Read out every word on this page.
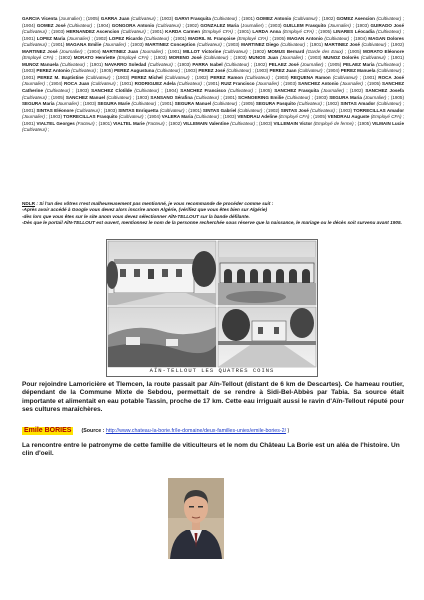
GARCIA Vicenta (Journalier) ; (1905) GARRA Juan (Cultivateur) ; (1903) GARVI Frasquita (Cultivateur) ; (1901) GOMEZ Antonio (Cultivateur) ; (1902) GOMEZ Asencion (Cultivateur) ; (1904) GOMEZ José (Cultivateur) ; (1904) GONGORA Antonio (Cultivateur) ; (1902) GONZALEZ Maria (Journalier) ; (1903) GUILLEM Frasquito (Journalier) ; (1903) GUIRADO José (Cultivateur) ; (1903) HERNANDEZ Ascencion (Cultivateur) ; (1901) KARDA Carmen (Employé CFA) ; (1901) LARDA Anna (Employé CFA) ; (1905) LINARES Léocadia (Cultivateur) ; (1901) LOPEZ Maria (Journalier) ; (1902) LOPEZ Ricardo (Cultivateur) ; (1901) MADRIL M. Françoise (Employé CFA) ; (1905) MAGAN Antonio (Cultivateur) ; (1904) MAGAN Dolores (Cultivateur) ; (1901) MAGANA Emilie (Journalier) ; (1903) MARTINEZ Conception (Cultivateur) ; (1903) MARTINEZ Diego (Cultivateur) ; (1901) MARTINEZ José (Cultivateur) ; (1902) MARTINEZ José (Journalier) ; (1904) MARTINEZ Juan (Journalier) ; (1901) MILLOT Victorine (Cultivateur) ; (1902) MOMUS Bernard (Garde des Eaux) ; (1905) MORATO Eléonore (Employé CFA) ; (1902) MORATO Henriette (Employé CFA) ; (1903) MORENO José (Cultivateur) ; (1903) MUNOS Juan (Journalier) ; (1903) MUNOZ Dolorès (Cultivateur) ; (1901) MUNOZ Manuela (Cultivateur) ; (1901) NAVARRO Soledad (Cultivateur) ; (1903) PARRA Isabel (Cultivateur) ; (1902) PELAEZ José (Journalier) ; (1905) PELAEZ Maria (Cultivateur) ; (1903) PEREZ Antonio (Cultivateur) ; (1905) PEREZ Augustuna (Cultivateur) ; (1903) PEREZ José (Cultivateur) ; (1903) PEREZ Juan (Cultivateur) ; (1904) PEREZ Manuela (Cultivateur) ; (1901) PEREZ M. Baptistine (Cultivateur) ; (1903) PEREZ Michel (Cultivateur) ; (1902) PEREZ Ramon (Cultivateur) ; (1903) REQUENA Ramon (Cultivateur) ; (1901) ROCA José (Journalier) ; (1904) ROCA Juan (Cultivateur) ; (1901) RODRIGUEZ Adela (Cultivateur) ; (1901) RUIZ Francisco (Journalier) ; (1903) SANCHEZ Antonio (Journalier) ; (1905) SANCHEZ Catherine (Cultivateur) ; (1903) SANCHEZ Clotilde (Cultivateur) ; (1904) SANCHEZ Francisco (Cultivateur) ; (1905) SANCHEZ Frasquita (Journalier) ; (1902) SANCHEZ Josefa (Cultivateur) ; (1905) SANCHEZ Manuel (Cultivateur) ; (1903) SANSANO Séraﬁna (Cultivateur) ; (1901) SCHNOERING Emilie (Cultivateur) ; (1903) SEGURA Maria (Journalier) ; (1905) SEGURA Maria (Journalier) ; (1903) SEGURA Marie (Cultivateur) ; (1901) SEGURA Manuel (Cultivateur) ; (1905) SEGURA Pasquito (Cultivateur) ; (1902) SINTAS Amador (Cultivateur) ; (1901) SINTAS Eléonore (Cultivateur) ; (1903) SINTAS Enriquetta (Cultivateur) ; (1901) SINTAS Gabriel (Cultivateur) ; (1902) SINTAS José (Cultivateur) ; (1903) TORRECILLAS Amador (Journalier) ; (1903) TORRECILLAS Frasquito (Cultivateur) ; (1904) VALERA Maria (Cultivateur) ; (1903) VENDRAU Adeline (Employé CFA) ; (1905) VENDRAU Auguste (Employé CFA) ; (1901) VIALTEL Georges (Facteur) ; (1901) VIALTEL Marie (Facteur) ; (1902) VILLEMAIN Valentine (Cultivateur) ; (1903) VILLEMAIN Victor (Employé de ferme) ; (1905) VILMAIN Lucie (Cultivateur) ;
NDLR : Si l'un des vôtres n'est malheureusement pas mentionné, je vous recommande de procéder comme suit :
-Après avoir accédé à Google vous devez alors inscrire anom Algérie, (vérifiez que vous êtes bien sur Algérie)
-dès lors que vous êtes sur le site anom vous devez sélectionner AÏN-TELLOUT sur la bande déﬁlante.
-Dès que le portail AÏN-TELLOUT est ouvert, mentionnez le nom de la personne recherchée sous réserve que la naissance, le mariage ou le décès soit survenu avant 1905.
AÏN-TELLOUT LES QUATRES COINS
Pour rejoindre Lamoricière et Tlemcen, la route passait par Aïn-Tellout (distant de 6 km de Descartes). Ce hameau routier, dépendant de la Commune Mixte de Sebdou, permettait de se rendre à Sidi-Bel-Abbès par Tabia. Sa source était importante et alimentait en eau potable Tassin, proche de 17 km. Cette eau irriguait aussi le ravin d'Aïn-Tellout réputé pour ses cultures maraîchères.
Emile BORIES (Source : http://www.chateau-la-borie.fr/le-domaine/deux-familles-unies/emile-bories-2/ )
La rencontre entre le patronyme de cette famille de viticulteurs et le nom du Château La Borie est un aléa de l'histoire. Un clin d'oeil.
